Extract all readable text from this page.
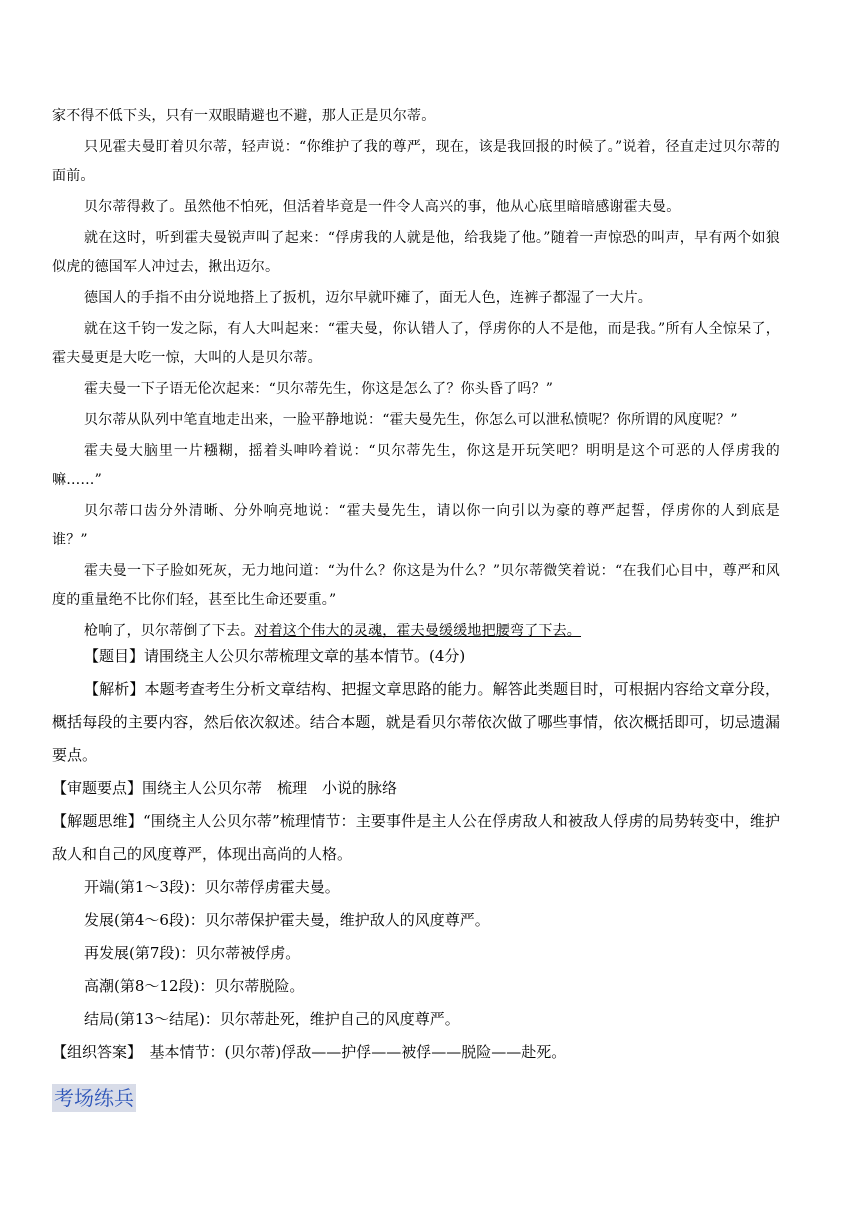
家不得不低下头，只有一双眼睛避也不避，那人正是贝尔蒂。

只见霍夫曼盯着贝尔蒂，轻声说：“你维护了我的尊严，现在，该是我回报的时候了。”说着，径直走过贝尔蒂的面前。

贝尔蒂得救了。虽然他不怕死，但活着毕竟是一件令人高兴的事，他从心底里暗暗感谢霍夫曼。

就在这时，听到霍夫曼锐声叫了起来：“俘虏我的人就是他，给我毙了他。”随着一声惊恐的叫声，早有两个如狼似虎的德国军人冲过去，揪出迈尔。

德国人的手指不由分说地搭上了扳机，迈尔早就吓瘫了，面无人色，连裤子都湿了一大片。

就在这千钧一发之际，有人大叫起来：“霍夫曼，你认错人了，俘虏你的人不是他，而是我。”所有人全惊呆了，霍夫曼更是大吃一惊，大叫的人是贝尔蒂。

霍夫曼一下子语无伦次起来：“贝尔蒂先生，你这是怎么了？你头昏了吗？”

贝尔蒂从队列中笔直地走出来，一脸平静地说：“霍夫曼先生，你怎么可以泄私愤呢？你所谓的风度呢？”

霍夫曼大脑里一片糨糊，摇着头呻吟着说：“贝尔蒂先生，你这是开玩笑吧？明明是这个可恶的人俘虏我的嘛……”

贝尔蒂口齿分外清晰、分外响亮地说：“霍夫曼先生，请以你一向引以为豪的尊严起誓，俘虏你的人到底是谁？”

霍夫曼一下子脸如死灰，无力地问道：“为什么？你这是为什么？”贝尔蒂微笑着说：“在我们心目中，尊严和风度的重量绝不比你们轻，甚至比生命还要重。”

枪响了，贝尔蒂倒了下去。对着这个伟大的灵魂，霍夫曼缓缓地把腰弯了下去。

【题目】请围绕主人公贝尔蒂梳理文章的基本情节。(4分)

【解析】本题考查考生分析文章结构、把握文章思路的能力。解答此类题目时，可根据内容给文章分段，概括每段的主要内容，然后依次叙述。结合本题，就是看贝尔蒂依次做了哪些事情，依次概括即可，切忌遗漏要点。

【审题要点】围绕主人公贝尔蒂　梳理　小说的脉络

【解题思维】“围绕主人公贝尔蒂”梳理情节：主要事件是主人公在俘虏敌人和被敌人俘虏的局势转变中，维护敌人和自己的风度尊严，体现出高尚的人格。

开端(第1～3段)：贝尔蒂俘虏霍夫曼。

发展(第4～6段)：贝尔蒂保护霍夫曼，维护敌人的风度尊严。

再发展(第7段)：贝尔蒂被俘虏。

高潮(第8～12段)：贝尔蒂脱险。

结局(第13～结尾)：贝尔蒂赴死，维护自己的风度尊严。

【组织答案】　基本情节：(贝尔蒂)俘敌——护俘——被俘——脱险——赴死。

考场练兵
